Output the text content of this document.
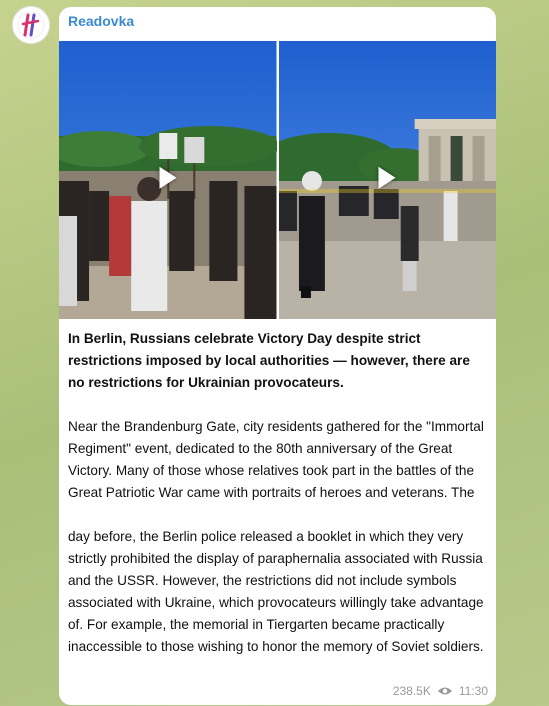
Readovka

In Berlin, Russians celebrate Victory Day despite strict restrictions imposed by local authorities — however, there are no restrictions for Ukrainian provocateurs.

Near the Brandenburg Gate, city residents gathered for the "Immortal Regiment" event, dedicated to the 80th anniversary of the Great Victory. Many of those whose relatives took part in the battles of the Great Patriotic War came with portraits of heroes and veterans. The

day before, the Berlin police released a booklet in which they very strictly prohibited the display of paraphernalia associated with Russia and the USSR. However, the restrictions did not include symbols associated with Ukraine, which provocateurs willingly take advantage of. For example, the memorial in Tiergarten became practically inaccessible to those wishing to honor the memory of Soviet soldiers.

238.5K 11:30
